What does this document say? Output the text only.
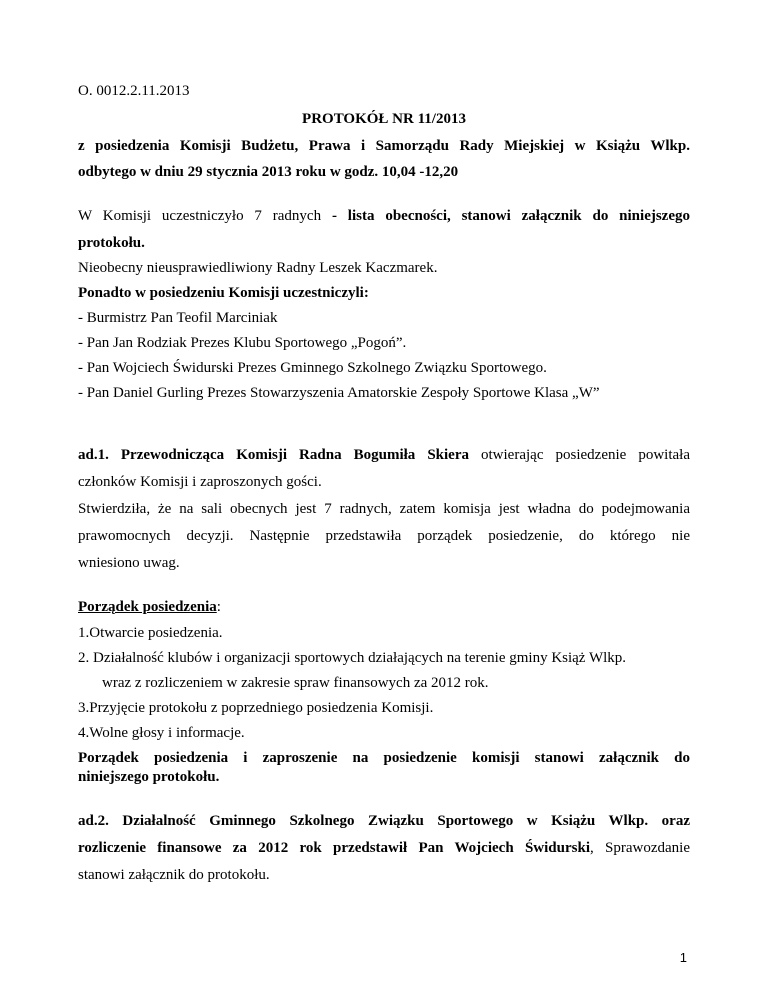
O. 0012.2.11.2013
PROTOKÓŁ NR 11/2013
z posiedzenia Komisji Budżetu, Prawa i Samorządu Rady Miejskiej w Książu Wlkp.
odbytego w dniu 29 stycznia 2013 roku w godz. 10,04 -12,20
W Komisji uczestniczyło 7 radnych - lista obecności, stanowi załącznik do niniejszego
protokołu.
Nieobecny nieusprawiedliwiony Radny Leszek Kaczmarek.
Ponadto w posiedzeniu Komisji uczestniczyli:
- Burmistrz Pan Teofil Marciniak
- Pan Jan Rodziak Prezes Klubu Sportowego „Pogoń”.
- Pan Wojciech Świdurski Prezes Gminnego Szkolnego Związku Sportowego.
- Pan Daniel Gurling Prezes Stowarzyszenia Amatorskie Zespoły Sportowe Klasa „W”
ad.1. Przewodnicząca Komisji Radna Bogumiła Skiera otwierając posiedzenie powitała
członków Komisji i zaproszonych gości.
Stwierdziła, że na sali obecnych jest 7 radnych, zatem komisja jest władna do podejmowania
prawomocnych decyzji. Następnie przedstawiła porządek posiedzenie, do którego nie
wniesiono uwag.
Porządek posiedzenia:
1.Otwarcie posiedzenia.
2. Działalność klubów i organizacji sportowych działających na terenie gminy Książ Wlkp.
wraz z rozliczeniem w zakresie spraw finansowych za 2012 rok.
3.Przyjęcie protokołu z poprzedniego posiedzenia Komisji.
4.Wolne głosy i informacje.
Porządek posiedzenia i zaproszenie na posiedzenie komisji stanowi załącznik do
niniejszego protokołu.
ad.2. Działalność Gminnego Szkolnego Związku Sportowego w Książu Wlkp. oraz
rozliczenie finansowe za 2012 rok przedstawił Pan Wojciech Świdurski, Sprawozdanie
stanowi załącznik do protokołu.
1
